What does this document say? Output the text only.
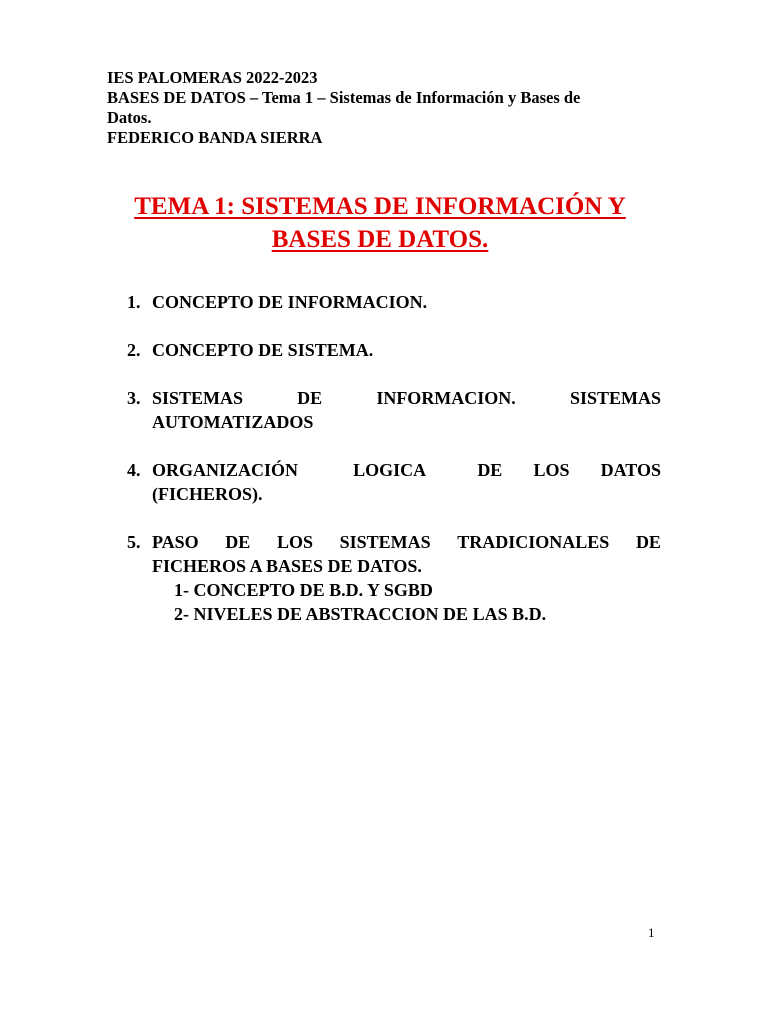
IES PALOMERAS 2022-2023
BASES DE DATOS – Tema 1 – Sistemas de Información y Bases de
Datos.
FEDERICO BANDA SIERRA
TEMA 1: SISTEMAS DE INFORMACIÓN Y
BASES DE DATOS.
1. CONCEPTO DE INFORMACION.
2. CONCEPTO DE SISTEMA.
3. SISTEMAS	DE	INFORMACION.	SISTEMAS
AUTOMATIZADOS
4. ORGANIZACIÓN	LOGICA	DE LOS DATOS
(FICHEROS).
5. PASO DE LOS SISTEMAS TRADICIONALES DE
FICHEROS A BASES DE DATOS.
1- CONCEPTO DE B.D. Y SGBD
2- NIVELES DE ABSTRACCION DE LAS B.D.
1
